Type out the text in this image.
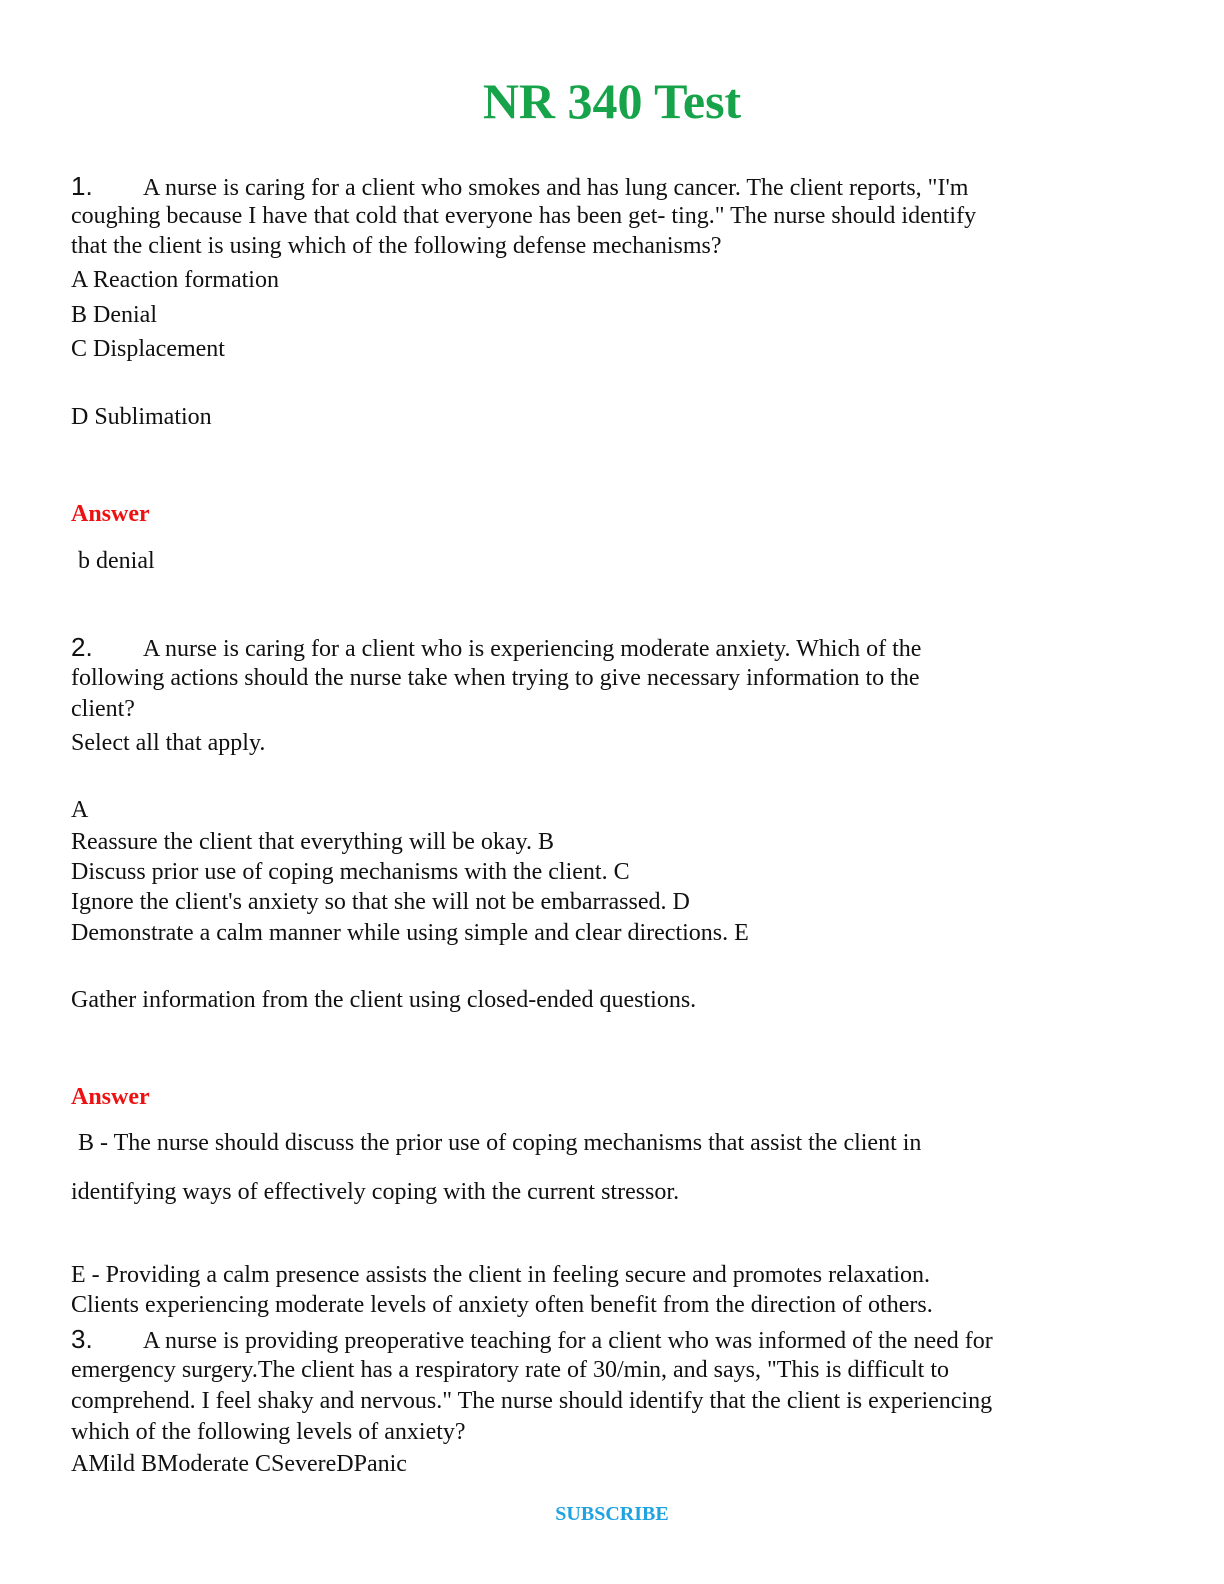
NR 340 Test

1. A nurse is caring for a client who smokes and has lung cancer. The client reports, "I'm

coughing because I have that cold that everyone has been get- ting." The nurse should identify

that the client is using which of the following defense mechanisms?

A Reaction formation

B Denial

C Displacement

D Sublimation

Answer

b denial

2. A nurse is caring for a client who is experiencing moderate anxiety. Which of the

following actions should the nurse take when trying to give necessary information to the

client?

Select all that apply.

A

Reassure the client that everything will be okay. B

Discuss prior use of coping mechanisms with the client. C

Ignore the client's anxiety so that she will not be embarrassed. D

Demonstrate a calm manner while using simple and clear directions. E

Gather information from the client using closed-ended questions.

Answer

B - The nurse should discuss the prior use of coping mechanisms that assist the client in

identifying ways of effectively coping with the current stressor.

E - Providing a calm presence assists the client in feeling secure and promotes relaxation.

Clients experiencing moderate levels of anxiety often benefit from the direction of others.

3. A nurse is providing preoperative teaching for a client who was informed of the need for

emergency surgery.The client has a respiratory rate of 30/min, and says, "This is difficult to

comprehend. I feel shaky and nervous." The nurse should identify that the client is experiencing

which of the following levels of anxiety?

AMild BModerate CSevereDPanic

SUBSCRIBE
